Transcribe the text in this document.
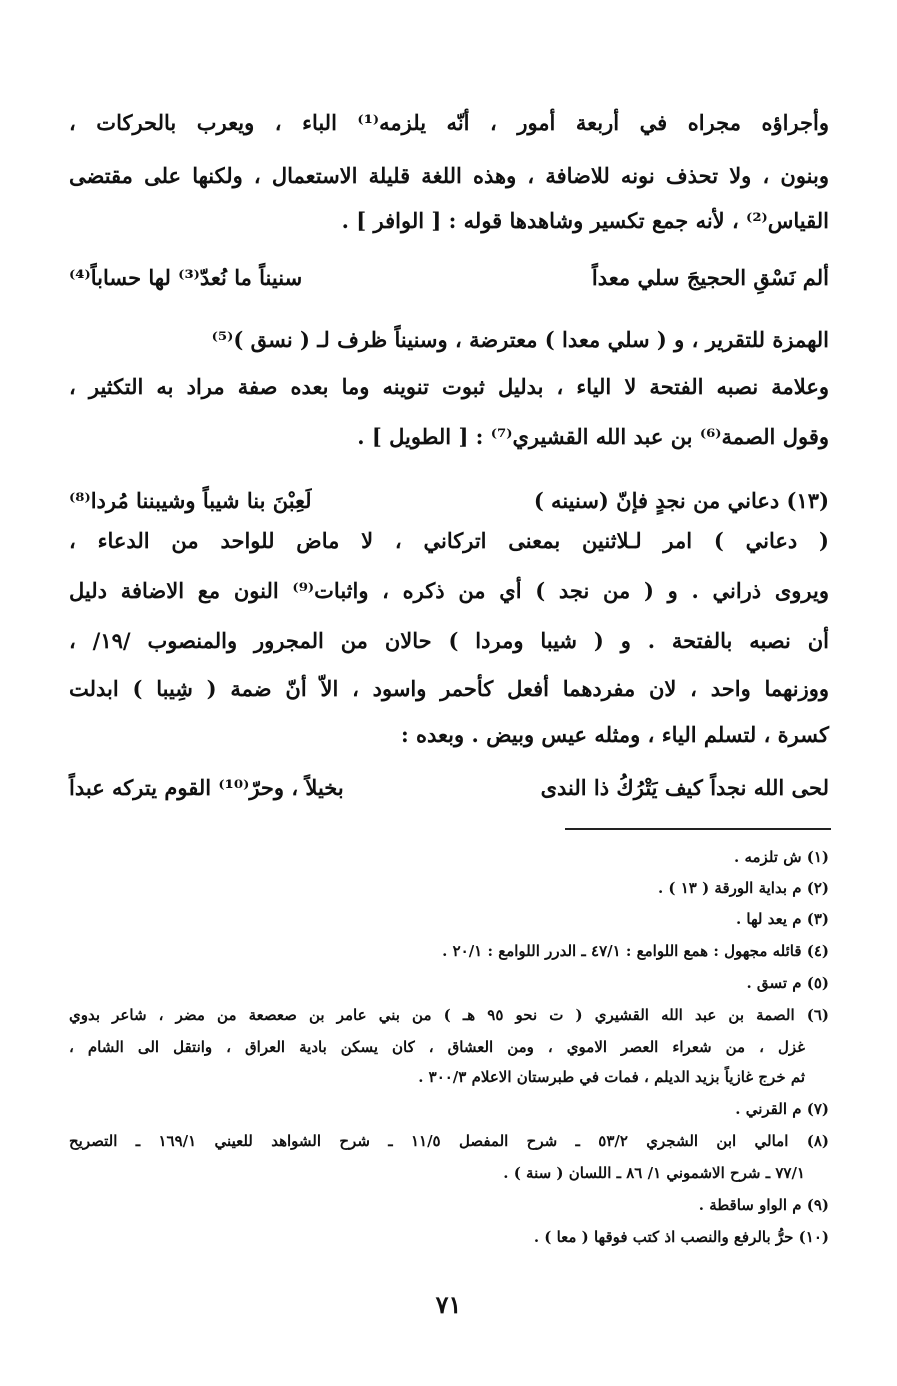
وأجراؤه مجراه في أربعة أمور ، أنّه يلزمه⁽¹⁾ الباء ، ويعرب بالحركات ،
وبنون ، ولا تحذف نونه للاضافة ، وهذه اللغة قليلة الاستعمال ، ولكنها على مقتضى
القياس⁽²⁾ ، لأنه جمع تكسير وشاهدها قوله : [ الوافر ] .
ألم نَسْقِ الحجيجَ سلي معداً
سنيناً ما نُعدّ⁽³⁾ لها حساباً⁽⁴⁾
الهمزة للتقرير ، و ( سلي معدا ) معترضة ، وسنيناً ظرف لـ ( نسق )⁽⁵⁾
وعلامة نصبه الفتحة لا الياء ، بدليل ثبوت تنوينه وما بعده صفة مراد به التكثير ،
وقول الصمة⁽⁶⁾ بن عبد الله القشيري⁽⁷⁾ : [ الطويل ] .
(١٣) دعاني من نجدٍ فإنّ (سنينه )
لَعِبْنَ بنا شيباً وشيبننا مُردا⁽⁸⁾
( دعاني ) امر لـلاثنين بمعنى اتركاني ، لا ماض للواحد من الدعاء ،
ويروى ذراني . و ( من نجد ) أي من ذكره ، واثبات⁽⁹⁾ النون مع الاضافة دليل
أن نصبه بالفتحة . و ( شيبا ومردا ) حالان من المجرور والمنصوب /١٩/ ،
ووزنهما واحد ، لان مفردهما أفعل كأحمر واسود ، الاّ أنّ ضمة ( شِيبا ) ابدلت
كسرة ، لتسلم الياء ، ومثله عيس وبيض . وبعده :
لحى الله نجداً كيف يَتْرُكُ ذا الندى
بخيلاً ، وحرّ⁽¹⁰⁾ القوم يتركه عبداً
(١) ش تلزمه .
(٢) م بداية الورقة ( ١٣ ) .
(٣) م يعد لها .
(٤) قائله مجهول : همع اللوامع : ٤٧/١ ـ الدرر اللوامع : ٢٠/١ .
(٥) م تسق .
(٦) الصمة بن عبد الله القشيري ( ت نحو ٩٥ هـ ) من بني عامر بن صعصعة من مضر ، شاعر بدوي
غزل ، من شعراء العصر الاموي ، ومن العشاق ، كان يسكن بادية العراق ، وانتقل الى الشام ،
ثم خرج غازياً بزيد الديلم ، فمات في طبرستان الاعلام ٣٠٠/٣ .
(٧) م القرني .
(٨) امالي ابن الشجري ٥٣/٢ ـ شرح المفصل ١١/٥ ـ شرح الشواهد للعيني ١٦٩/١ ـ التصريح
٧٧/١ ـ شرح الاشموني ١/ ٨٦ ـ اللسان ( سنة ) .
(٩) م الواو ساقطة .
(١٠) حرُّ بالرفع والنصب اذ كتب فوقها ( معا ) .
٧١
